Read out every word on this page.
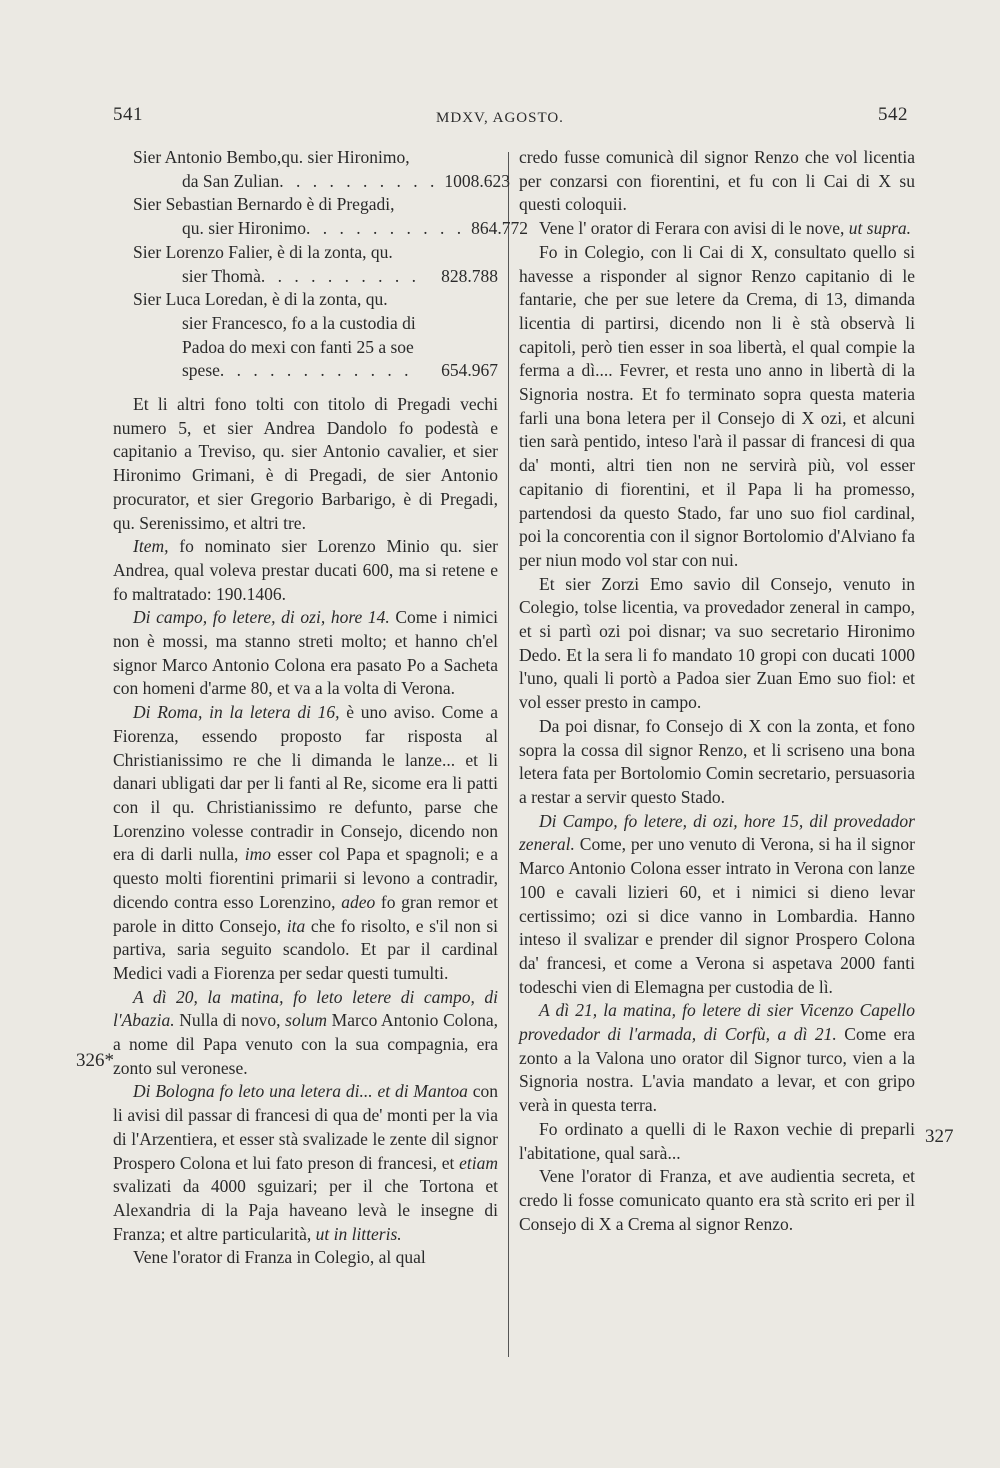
541	MDXV, AGOSTO.	542
326*
327
Sier Antonio Bembo,qu. sier Hironimo,
da San Zulian . . . . . . . . . . 1008.623
Sier Sebastian Bernardo è di Pregadi,
qu. sier Hironimo . . . . . . . . . . 864.772
Sier Lorenzo Falier, è di la zonta, qu.
sier Thomà . . . . . . . . . .	828.788
Sier Luca Loredan, è di la zonta, qu.
sier Francesco, fo a la custodia di
Padoa do mexi con fanti 25 a soe
spese . . . . . . . . . . . .	654.967

Et li altri fono tolti con titolo di Pregadi vechi numero 5, et sier Andrea Dandolo fo podestà e capitanio a Treviso, qu. sier Antonio cavalier, et sier Hironimo Grimani, è di Pregadi, de sier Antonio procurator, et sier Gregorio Barbarigo, è di Pregadi, qu. Serenissimo, et altri tre.

Item, fo nominato sier Lorenzo Minio qu. sier Andrea, qual voleva prestar ducati 600, ma si retene e fo maltratado: 190.1406.

Di campo, fo letere, di ozi, hore 14. Come i nimici non è mossi, ma stanno streti molto; et hanno ch'el signor Marco Antonio Colona era pasato Po a Sacheta con homeni d'arme 80, et va a la volta di Verona.

Di Roma, in la letera di 16, è uno aviso. Come a Fiorenza, essendo proposto far risposta al Christianissimo re che li dimanda le lanze... et li danari ubligati dar per li fanti al Re, sicome era li patti con il qu. Christianissimo re defunto, parse che Lorenzino volesse contradir in Consejo, dicendo non era di darli nulla, imo esser col Papa et spagnoli; e a questo molti fiorentini primarii si levono a contradir, dicendo contra esso Lorenzino, adeo fo gran remor et parole in ditto Consejo, ita che fo risolto, e s'il non si partiva, saria seguito scandolo. Et par il cardinal Medici vadi a Fiorenza per sedar questi tumulti.

A dì 20, la matina, fo leto letere di campo, di l'Abazia. Nulla di novo, solum Marco Antonio Colona, a nome dil Papa venuto con la sua compagnia, era zonto sul veronese.

Di Bologna fo leto una letera di... et di Mantoa con li avisi dil passar di francesi di qua de' monti per la via di l'Arzentiera, et esser stà svalizade le zente dil signor Prospero Colona et lui fato preson di francesi, et etiam svalizati da 4000 sguizari; per il che Tortona et Alexandria di la Paja haveano levà le insegne di Franza; et altre particularità, ut in litteris.

Vene l'orator di Franza in Colegio, al qual

credo fusse comunicà dil signor Renzo che vol licentia per conzarsi con fiorentini, et fu con li Cai di X su questi coloquii.

Vene l' orator di Ferara con avisi di le nove, ut supra.

Fo in Colegio, con li Cai di X, consultato quello si havesse a risponder al signor Renzo capitanio di le fantarie, che per sue letere da Crema, di 13, dimanda licentia di partirsi, dicendo non li è stà observà li capitoli, però tien esser in soa libertà, el qual compie la ferma a dì.... Fevrer, et resta uno anno in libertà di la Signoria nostra. Et fo terminato sopra questa materia farli una bona letera per il Consejo di X ozi, et alcuni tien sarà pentido, inteso l'arà il passar di francesi di qua da' monti, altri tien non ne servirà più, vol esser capitanio di fiorentini, et il Papa li ha promesso, partendosi da questo Stado, far uno suo fiol cardinal, poi la concorentia con il signor Bortolomio d'Alviano fa per niun modo vol star con nui.

Et sier Zorzi Emo savio dil Consejo, venuto in Colegio, tolse licentia, va provedador zeneral in campo, et si partì ozi poi disnar; va suo secretario Hironimo Dedo. Et la sera li fo mandato 10 gropi con ducati 1000 l'uno, quali li portò a Padoa sier Zuan Emo suo fiol: et vol esser presto in campo.

Da poi disnar, fo Consejo di X con la zonta, et fono sopra la cossa dil signor Renzo, et li scriseno una bona letera fata per Bortolomio Comin secretario, persuasoria a restar a servir questo Stado.

Di Campo, fo letere, di ozi, hore 15, dil provedador zeneral. Come, per uno venuto di Verona, si ha il signor Marco Antonio Colona esser intrato in Verona con lanze 100 e cavali lizieri 60, et i nimici si dieno levar certissimo; ozi si dice vanno in Lombardia. Hanno inteso il svalizar e prender dil signor Prospero Colona da' francesi, et come a Verona si aspetava 2000 fanti todeschi vien di Elemagna per custodia de lì.

A dì 21, la matina, fo letere di sier Vicenzo Capello provedador di l'armada, di Corfù, a dì 21. Come era zonto a la Valona uno orator dil Signor turco, vien a la Signoria nostra. L'avia mandato a levar, et con gripo verà in questa terra.

Fo ordinato a quelli di le Raxon vechie di preparli l'abitatione, qual sarà...

Vene l'orator di Franza, et ave audientia secreta, et credo li fosse comunicato quanto era stà scrito eri per il Consejo di X a Crema al signor Renzo.
